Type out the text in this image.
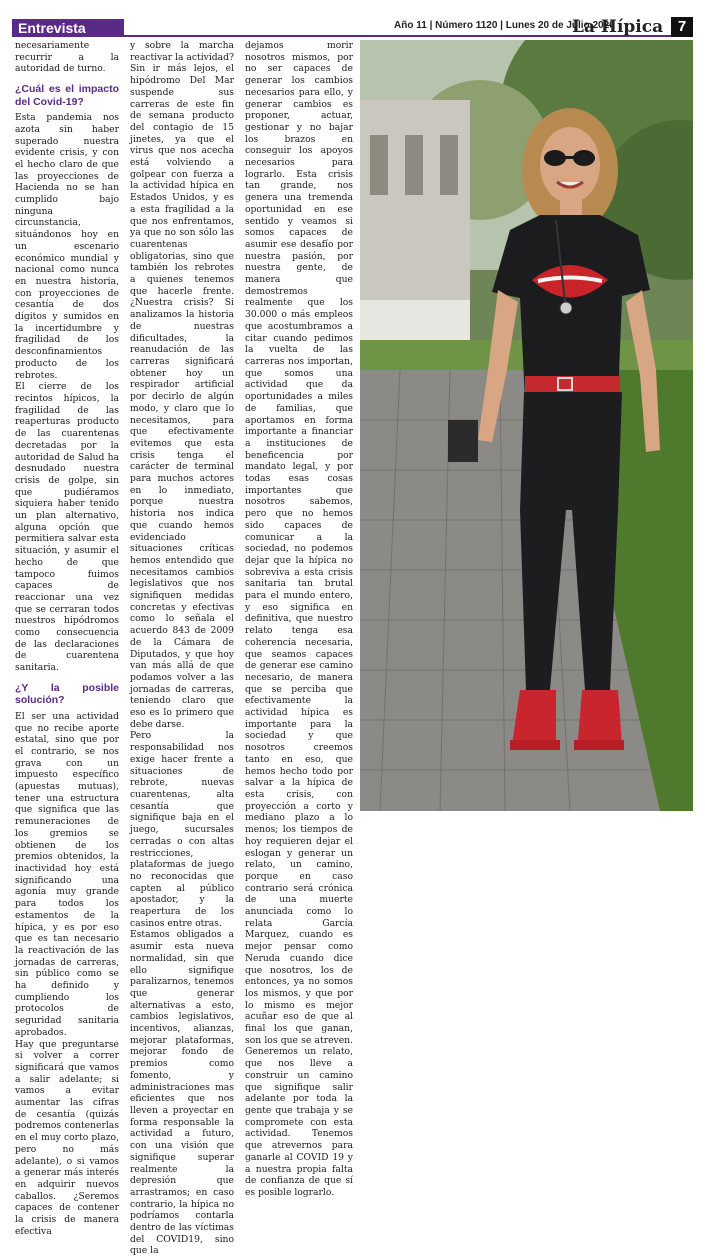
Entrevista	Año 11 | Número 1120 | Lunes 20 de Julio 2020
La Hípica 7

necesariamente recurrir a la autoridad de turno.

¿Cuál es el impacto del Covid-19?

Esta pandemia nos azota sin haber superado nuestra evidente crisis, y con el hecho claro de que las proyecciones de Hacienda no se han cumplido bajo ninguna circunstancia, situándonos hoy en un escenario económico mundial y nacional como nunca en nuestra historia, con proyecciones de cesantía de dos dígitos y sumidos en la incertidumbre y fragilidad de los desconfinamientos producto de los rebrotes.

El cierre de los recintos hípicos, la fragilidad de las reaperturas producto de las cuarentenas decretadas por la autoridad de Salud ha desnudado nuestra crisis de golpe, sin que pudiéramos siquiera haber tenido un plan alternativo, alguna opción que permitiera salvar esta situación, y asumir el hecho de que tampoco fuimos capaces de reaccionar una vez que se cerraran todos nuestros hipódromos como consecuencia de las declaraciones de cuarentena sanitaria.

¿Y la posible solución?

El ser una actividad que no recibe aporte estatal, sino que por el contrario, se nos grava con un impuesto específico (apuestas mutuas), tener una estructura que significa que las remuneraciones de los gremios se obtienen de los premios obtenidos, la inactividad hoy está significando una agonía muy grande para todos los estamentos de la hípica, y es por eso que es tan necesario la reactivación de las jornadas de carreras, sin público como se ha definido y cumpliendo los protocolos de seguridad sanitaria aprobados.

Hay que preguntarse si volver a correr significará que vamos a salir adelante; si vamos a evitar aumentar las cifras de cesantía (quizás podremos contenerlas en el muy corto plazo, pero no más adelante), o si vamos a generar más interés en adquirir nuevos caballos. ¿Seremos capaces de contener la crisis de manera efectiva

y sobre la marcha reactivar la actividad?

Sin ir más lejos, el hipódromo Del Mar suspende sus carreras de este fin de semana producto del contagio de 15 jinetes, ya que el virus que nos acecha está volviendo a golpear con fuerza a la actividad hípica en Estados Unidos, y es a esta fragilidad a la que nos enfrentamos, ya que no son sólo las cuarentenas obligatorias, sino que también los rebrotes a quienes tenemos que hacerle frente. ¿Nuestra crisis? Si analizamos la historia de nuestras dificultades, la reanudación de las carreras significará obtener hoy un respirador artificial por decirlo de algún modo, y claro que lo necesitamos, para que efectivamente evitemos que esta crisis tenga el carácter de terminal para muchos actores en lo inmediato, porque nuestra historia nos indica que cuando hemos evidenciado situaciones críticas hemos entendido que necesitamos cambios legislativos que nos signifiquen medidas concretas y efectivas como lo señala el acuerdo 843 de 2009 de la Cámara de Diputados, y que hoy van más allá de que podamos volver a las jornadas de carreras, teniendo claro que eso es lo primero que debe darse.

Pero la responsabilidad nos exige hacer frente a situaciones de rebrote, nuevas cuarentenas, alta cesantía que signifique baja en el juego, sucursales cerradas o con altas restricciones, plataformas de juego no reconocidas que capten al público apostador, y la reapertura de los casinos entre otras.

Estamos obligados a asumir esta nueva normalidad, sin que ello signifique paralizarnos, tenemos que generar alternativas a esto, cambios legislativos, incentivos, alianzas, mejorar plataformas, mejorar fondo de premios como fomento, y administraciones mas eficientes que nos lleven a proyectar en forma responsable la actividad a futuro, con una visión que signifique superar realmente la depresión que arrastramos; en caso contrario, la hípica no podríamos contarla dentro de las víctimas del COVID19, sino que la

dejamos morir nosotros mismos, por no ser capaces de generar los cambios necesarios para ello, y generar cambios es proponer, actuar, gestionar y no bajar los brazos en conseguir los apoyos necesarios para lograrlo. Esta crisis tan grande, nos genera una tremenda oportunidad en ese sentido y veamos si somos capaces de asumir ese desafío por nuestra pasión, por nuestra gente, de manera que demostremos realmente que los 30.000 o más empleos que acostumbramos a citar cuando pedimos la vuelta de las carreras nos importan, que somos una actividad que da oportunidades a miles de familias, que aportamos en forma importante a financiar a instituciones de beneficencia por mandato legal, y por todas esas cosas importantes que nosotros sabemos, pero que no hemos sido capaces de comunicar a la sociedad, no podemos dejar que la hípica no sobreviva a esta crisis sanitaria tan brutal para el mundo entero, y eso significa en definitiva, que nuestro relato tenga esa coherencia necesaria, que seamos capaces de generar ese camino necesario, de manera que se perciba que efectivamente la actividad hípica es importante para la sociedad y que nosotros creemos tanto en eso, que hemos hecho todo por salvar a la hípica de esta crisis, con proyección a corto y mediano plazo a lo menos; los tiempos de hoy requieren dejar el eslogan y generar un relato, un camino, porque en caso contrario será crónica de una muerte anunciada como lo relata García Marquez, cuando es mejor pensar como Neruda cuando dice que nosotros, los de entonces, ya no somos los mismos, y que por lo mismo es mejor acuñar eso de que al final los que ganan, son los que se atreven. Generemos un relato, que nos lleve a construir un camino que signifique salir adelante por toda la gente que trabaja y se compromete con esta actividad. Tenemos que atrevernos para ganarle al COVID 19 y a nuestra propia falta de confianza de que sí es posible lograrlo.
